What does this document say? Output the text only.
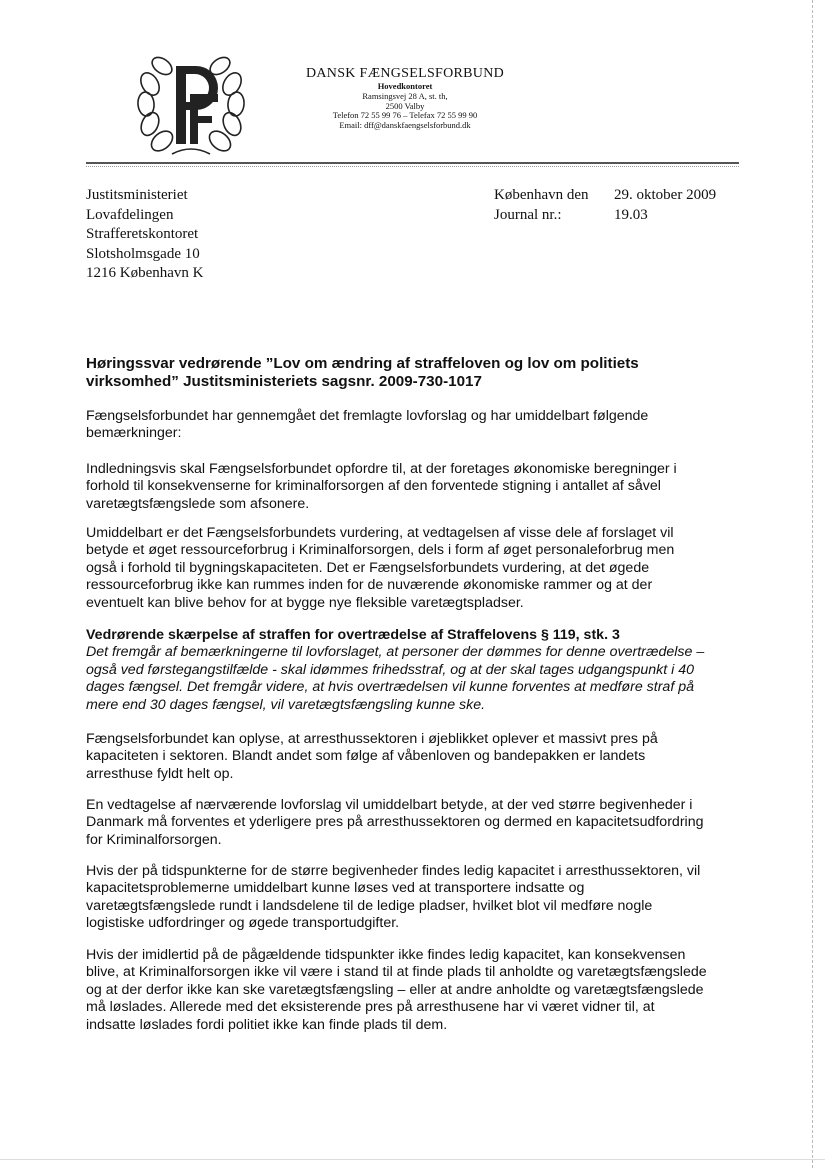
DANSK FÆNGSELSFORBUND
Hovedkontoret
Ramsingsvej 28 A, st. th,
2500 Valby
Telefon 72 55 99 76 – Telefax 72 55 99 90
Email: dff@danskfaengselsforbund.dk
Justitsministeriet
Lovafdelingen
Strafferetskontoret
Slotsholmsgade 10
1216 København K
København den	29. oktober 2009
Journal nr.:	19.03
Høringssvar vedrørende ”Lov om ændring af straffeloven og lov om politiets
virksomhed” Justitsministeriets sagsnr. 2009-730-1017
Fængselsforbundet har gennemgået det fremlagte lovforslag og har umiddelbart følgende
bemærkninger:
Indledningsvis skal Fængselsforbundet opfordre til, at der foretages økonomiske beregninger i
forhold til konsekvenserne for kriminalforsorgen af den forventede stigning i antallet af såvel
varetægtsfængslede som afsonere.
Umiddelbart er det Fængselsforbundets vurdering, at vedtagelsen af visse dele af forslaget vil
betyde et øget ressourceforbrug i Kriminalforsorgen, dels i form af øget personaleforbrug men
også i forhold til bygningskapaciteten. Det er Fængselsforbundets vurdering, at det øgede
ressourceforbrug ikke kan rummes inden for de nuværende økonomiske rammer og at der
eventuelt kan blive behov for at bygge nye fleksible varetægtspladser.
Vedrørende skærpelse af straffen for overtrædelse af Straffelovens § 119, stk. 3
Det fremgår af bemærkningerne til lovforslaget, at personer der dømmes for denne overtrædelse –
også ved førstegangstilfælde - skal idømmes frihedsstraf, og at der skal tages udgangspunkt i 40
dages fængsel. Det fremgår videre, at hvis overtrædelsen vil kunne forventes at medføre straf på
mere end 30 dages fængsel, vil varetægtsfængsling kunne ske.
Fængselsforbundet kan oplyse, at arresthussektoren i øjeblikket oplever et massivt pres på
kapaciteten i sektoren. Blandt andet som følge af våbenloven og bandepakken er landets
arresthuse fyldt helt op.
En vedtagelse af nærværende lovforslag vil umiddelbart betyde, at der ved større begivenheder i
Danmark må forventes et yderligere pres på arresthussektoren og dermed en kapacitetsudfordring
for Kriminalforsorgen.
Hvis der på tidspunkterne for de større begivenheder findes ledig kapacitet i arresthussektoren, vil
kapacitetsproblemerne umiddelbart kunne løses ved at transportere indsatte og
varetægtsfængslede rundt i landsdelene til de ledige pladser, hvilket blot vil medføre nogle
logistiske udfordringer og øgede transportudgifter.
Hvis der imidlertid på de pågældende tidspunkter ikke findes ledig kapacitet, kan konsekvensen
blive, at Kriminalforsorgen ikke vil være i stand til at finde plads til anholdte og varetægtsfængslede
og at der derfor ikke kan ske varetægtsfængsling – eller at andre anholdte og varetægtsfængslede
må løslades. Allerede med det eksisterende pres på arresthusene har vi været vidner til, at
indsatte løslades fordi politiet ikke kan finde plads til dem.
